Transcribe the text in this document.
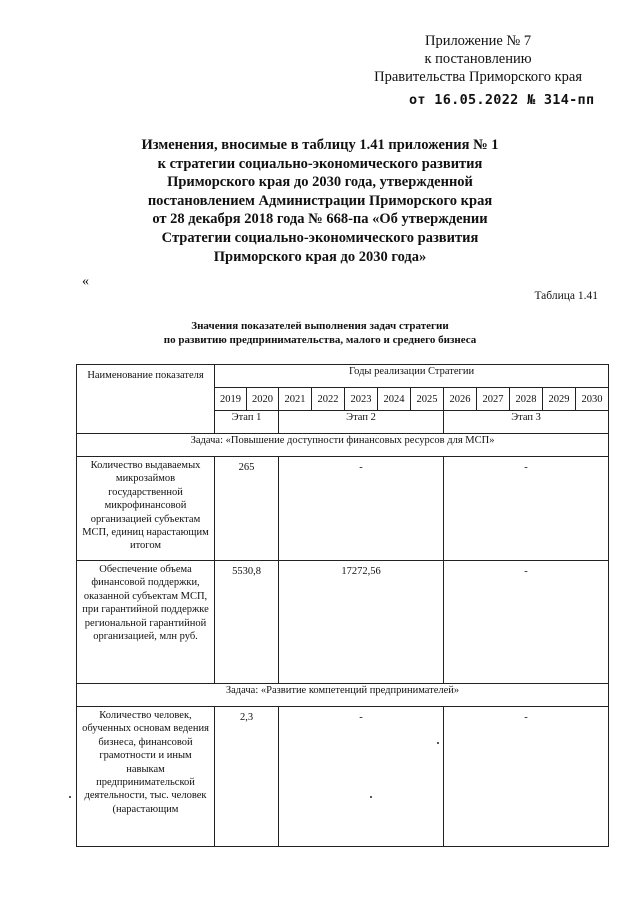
Приложение № 7
к постановлению
Правительства Приморского края
от 16.05.2022 № 314-пп
Изменения, вносимые в таблицу 1.41 приложения № 1
к стратегии социально-экономического развития
Приморского края до 2030 года, утвержденной
постановлением Администрации Приморского края
от 28 декабря 2018 года № 668-па «Об утверждении
Стратегии социально-экономического развития
Приморского края до 2030 года»
«
Таблица 1.41
Значения показателей выполнения задач стратегии
по развитию предпринимательства, малого и среднего бизнеса
Наименование показателя	Годы реализации Стратегии											
	2019	2020	2021	2022	2023	2024	2025	2026	2027	2028	2029	2030
	Этап 1		Этап 2					Этап 3				
Задача: «Повышение доступности финансовых ресурсов для МСП»												
Количество выдаваемых микрозаймов государственной микрофинансовой организацией субъектам МСП, единиц нарастающим итогом	265		-					-				
Обеспечение объема финансовой поддержки, оказанной субъектам МСП, при гарантийной поддержке региональной гарантийной организацией, млн руб.	5530,8		17272,56					-				
Задача: «Развитие компетенций предпринимателей»												
Количество человек, обученных основам ведения бизнеса, финансовой грамотности и иным навыкам предпринимательской деятельности, тыс. человек (нарастающим	2,3		-					-				
